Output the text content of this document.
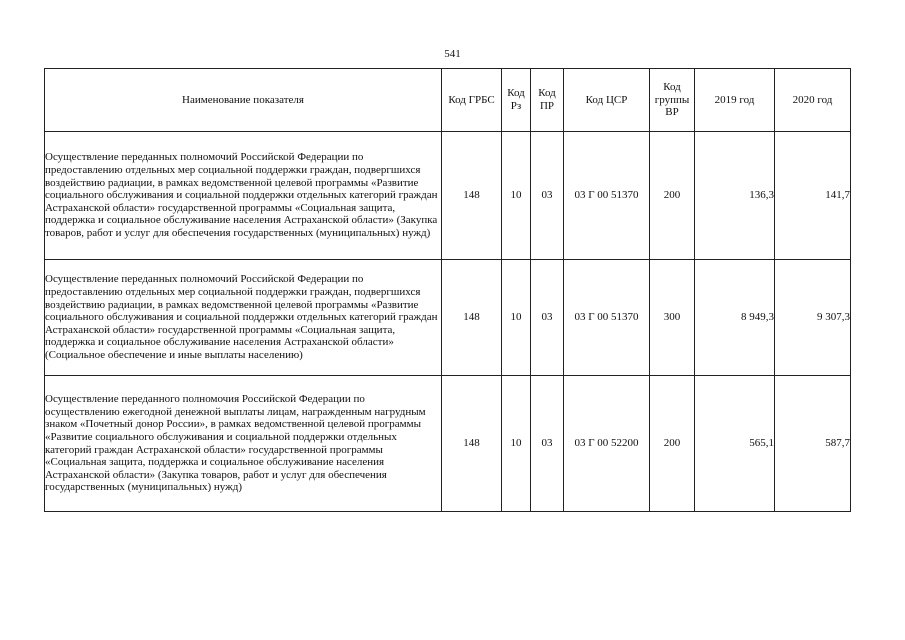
541
Наименование показателя	Код ГРБС	Код Рз	Код ПР	Код ЦСР	Код группы ВР	2019 год	2020 год
Осуществление переданных полномочий Российской Федерации по предоставлению отдельных мер социальной поддержки граждан, подвергшихся воздействию радиации, в рамках ведомственной целевой программы «Развитие социального обслуживания и социальной поддержки отдельных категорий граждан Астраханской области» государственной программы «Социальная защита, поддержка и социальное обслуживание населения Астраханской области» (Закупка товаров, работ и услуг для обеспечения государственных (муниципальных) нужд)	148	10	03	03 Г 00 51370	200	136,3	141,7
Осуществление переданных полномочий Российской Федерации по предоставлению отдельных мер социальной поддержки граждан, подвергшихся воздействию радиации, в рамках ведомственной целевой программы «Развитие социального обслуживания и социальной поддержки отдельных категорий граждан Астраханской области» государственной программы «Социальная защита, поддержка и социальное обслуживание населения Астраханской области» (Социальное обеспечение и иные выплаты населению)	148	10	03	03 Г 00 51370	300	8 949,3	9 307,3
Осуществление переданного полномочия Российской Федерации по осуществлению ежегодной денежной выплаты лицам, награжденным нагрудным знаком «Почетный донор России», в рамках ведомственной целевой программы «Развитие социального обслуживания и социальной поддержки отдельных категорий граждан Астраханской области» государственной программы «Социальная защита, поддержка и социальное обслуживание населения Астраханской области» (Закупка товаров, работ и услуг для обеспечения государственных (муниципальных) нужд)	148	10	03	03 Г 00 52200	200	565,1	587,7
